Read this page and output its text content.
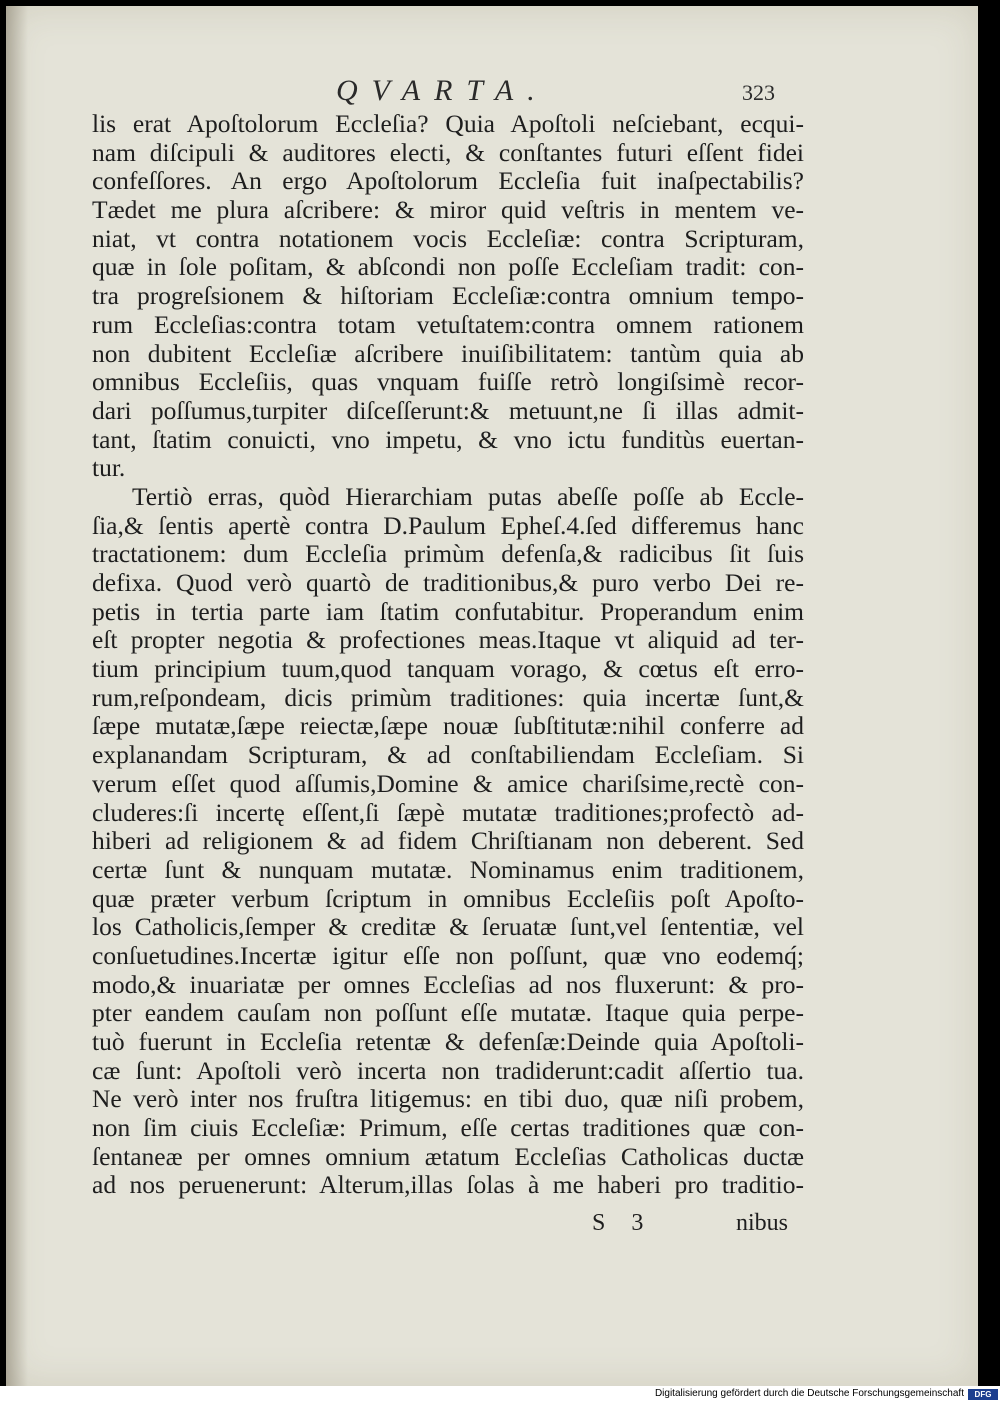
QVARTA.	323
lis erat Apoſtolorum Eccleſia? Quia Apoſtoli neſciebant, ecqui-
nam diſcipuli & auditores electi, & conſtantes futuri eſſent fidei
confeſſores. An ergo Apoſtolorum Eccleſia fuit inaſpectabilis?
Tædet me plura aſcribere: & miror quid veſtris in mentem ve-
niat, vt contra notationem vocis Eccleſiæ: contra Scripturam,
quæ in ſole poſitam, & abſcondi non poſſe Eccleſiam tradit: con-
tra progreſsionem & hiſtoriam Eccleſiæ:contra omnium tempo-
rum Eccleſias:contra totam vetuſtatem:contra omnem rationem
non dubitent Eccleſiæ aſcribere inuiſibilitatem: tantùm quia ab
omnibus Eccleſiis, quas vnquam fuiſſe retrò longiſsimè recor-
dari poſſumus,turpiter diſceſſerunt:& metuunt,ne ſi illas admit-
tant, ſtatim conuicti, vno impetu, & vno ictu funditùs euertan-
tur.
Tertiò erras, quòd Hierarchiam putas abeſſe poſſe ab Eccle-
ſia,& ſentis apertè contra D.Paulum Epheſ.4.ſed differemus hanc
tractationem: dum Eccleſia primùm defenſa,& radicibus ſit ſuis
defixa. Quod verò quartò de traditionibus,& puro verbo Dei re-
petis in tertia parte iam ſtatim confutabitur. Properandum enim
eſt propter negotia & profectiones meas.Itaque vt aliquid ad ter-
tium principium tuum,quod tanquam vorago, & cœtus eſt erro-
rum,reſpondeam, dicis primùm traditiones: quia incertæ ſunt,&
ſæpe mutatæ,ſæpe reiectæ,ſæpe nouæ ſubſtitutæ:nihil conferre ad
explanandam Scripturam, & ad conſtabiliendam Eccleſiam. Si
verum eſſet quod aſſumis,Domine & amice chariſsime,rectè con-
cluderes:ſi incertę eſſent,ſi ſæpè mutatæ traditiones;profectò ad-
hiberi ad religionem & ad fidem Chriſtianam non deberent. Sed
certæ ſunt & nunquam mutatæ. Nominamus enim traditionem,
quæ præter verbum ſcriptum in omnibus Eccleſiis poſt Apoſto-
los Catholicis,ſemper & creditæ & ſeruatæ ſunt,vel ſententiæ, vel
conſuetudines.Incertæ igitur eſſe non poſſunt, quæ vno eodemq́;
modo,& inuariatæ per omnes Eccleſias ad nos fluxerunt: & pro-
pter eandem cauſam non poſſunt eſſe mutatæ. Itaque quia perpe-
tuò fuerunt in Eccleſia retentæ & defenſæ:Deinde quia Apoſtoli-
cæ ſunt: Apoſtoli verò incerta non tradiderunt:cadit aſſertio tua.
Ne verò inter nos fruſtra litigemus: en tibi duo, quæ niſi probem,
non ſim ciuis Eccleſiæ: Primum, eſſe certas traditiones quæ con-
ſentaneæ per omnes omnium ætatum Eccleſias Catholicas ductæ
ad nos peruenerunt: Alterum,illas ſolas à me haberi pro traditio-
S 3	nibus
Digitalisierung gefördert durch die Deutsche Forschungsgemeinschaft	DFG
